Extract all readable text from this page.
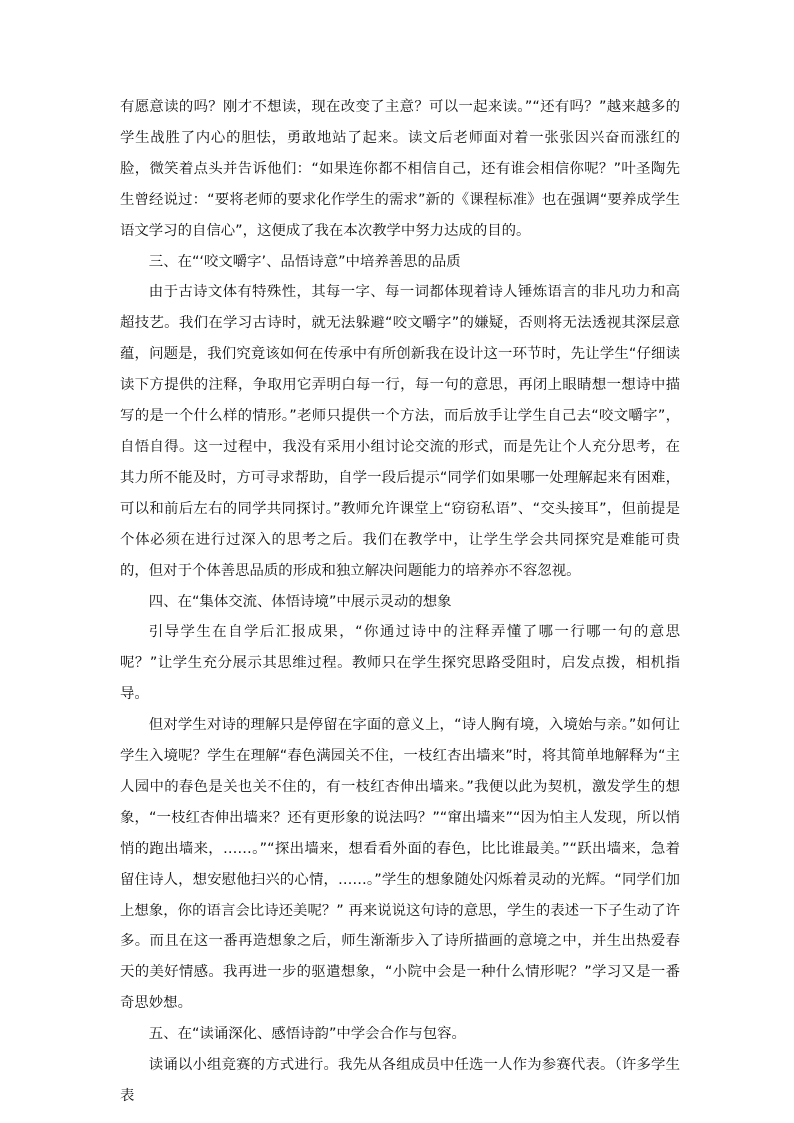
有愿意读的吗？刚才不想读，现在改变了主意？可以一起来读。”“还有吗？”越来越多的学生战胜了内心的胆怯，勇敢地站了起来。读文后老师面对着一张张因兴奋而涨红的脸，微笑着点头并告诉他们：“如果连你都不相信自己，还有谁会相信你呢？”叶圣陶先生曾经说过：“要将老师的要求化作学生的需求”新的《课程标准》也在强调“要养成学生语文学习的自信心”，这便成了我在本次教学中努力达成的目的。

三、在“‘咬文嚼字’、品悟诗意”中培养善思的品质

由于古诗文体有特殊性，其每一字、每一词都体现着诗人锤炼语言的非凡功力和高超技艺。我们在学习古诗时，就无法躲避“咬文嚼字”的嫌疑，否则将无法透视其深层意蕴，问题是，我们究竟该如何在传承中有所创新我在设计这一环节时，先让学生“仔细读读下方提供的注释，争取用它弄明白每一行，每一句的意思，再闭上眼睛想一想诗中描写的是一个什么样的情形。”老师只提供一个方法，而后放手让学生自己去“咬文嚼字”，自悟自得。这一过程中，我没有采用小组讨论交流的形式，而是先让个人充分思考，在其力所不能及时，方可寻求帮助，自学一段后提示“同学们如果哪一处理解起来有困难，可以和前后左右的同学共同探讨。”教师允许课堂上“窃窃私语”、“交头接耳”，但前提是个体必须在进行过深入的思考之后。我们在教学中，让学生学会共同探究是难能可贵的，但对于个体善思品质的形成和独立解决问题能力的培养亦不容忽视。

四、在“集体交流、体悟诗境”中展示灵动的想象

引导学生在自学后汇报成果，“你通过诗中的注释弄懂了哪一行哪一句的意思呢？”让学生充分展示其思维过程。教师只在学生探究思路受阻时，启发点拨，相机指导。

但对学生对诗的理解只是停留在字面的意义上，“诗人胸有境，入境始与亲。”如何让学生入境呢？学生在理解“春色满园关不住，一枝红杏出墙来”时，将其简单地解释为“主人园中的春色是关也关不住的，有一枝红杏伸出墙来。”我便以此为契机，激发学生的想象，“一枝红杏伸出墙来？还有更形象的说法吗？”“窜出墙来”“因为怕主人发现，所以悄悄的跑出墙来，……。”“探出墙来，想看看外面的春色，比比谁最美。”“跃出墙来，急着留住诗人，想安慰他扫兴的心情，……。”学生的想象随处闪烁着灵动的光辉。“同学们加上想象，你的语言会比诗还美呢？” 再来说说这句诗的意思，学生的表述一下子生动了许多。而且在这一番再造想象之后，师生渐渐步入了诗所描画的意境之中，并生出热爱春天的美好情感。我再进一步的驱遣想象，“小院中会是一种什么情形呢？”学习又是一番奇思妙想。

五、在“读诵深化、感悟诗韵”中学会合作与包容。

读诵以小组竞赛的方式进行。我先从各组成员中任选一人作为参赛代表。（许多学生表
